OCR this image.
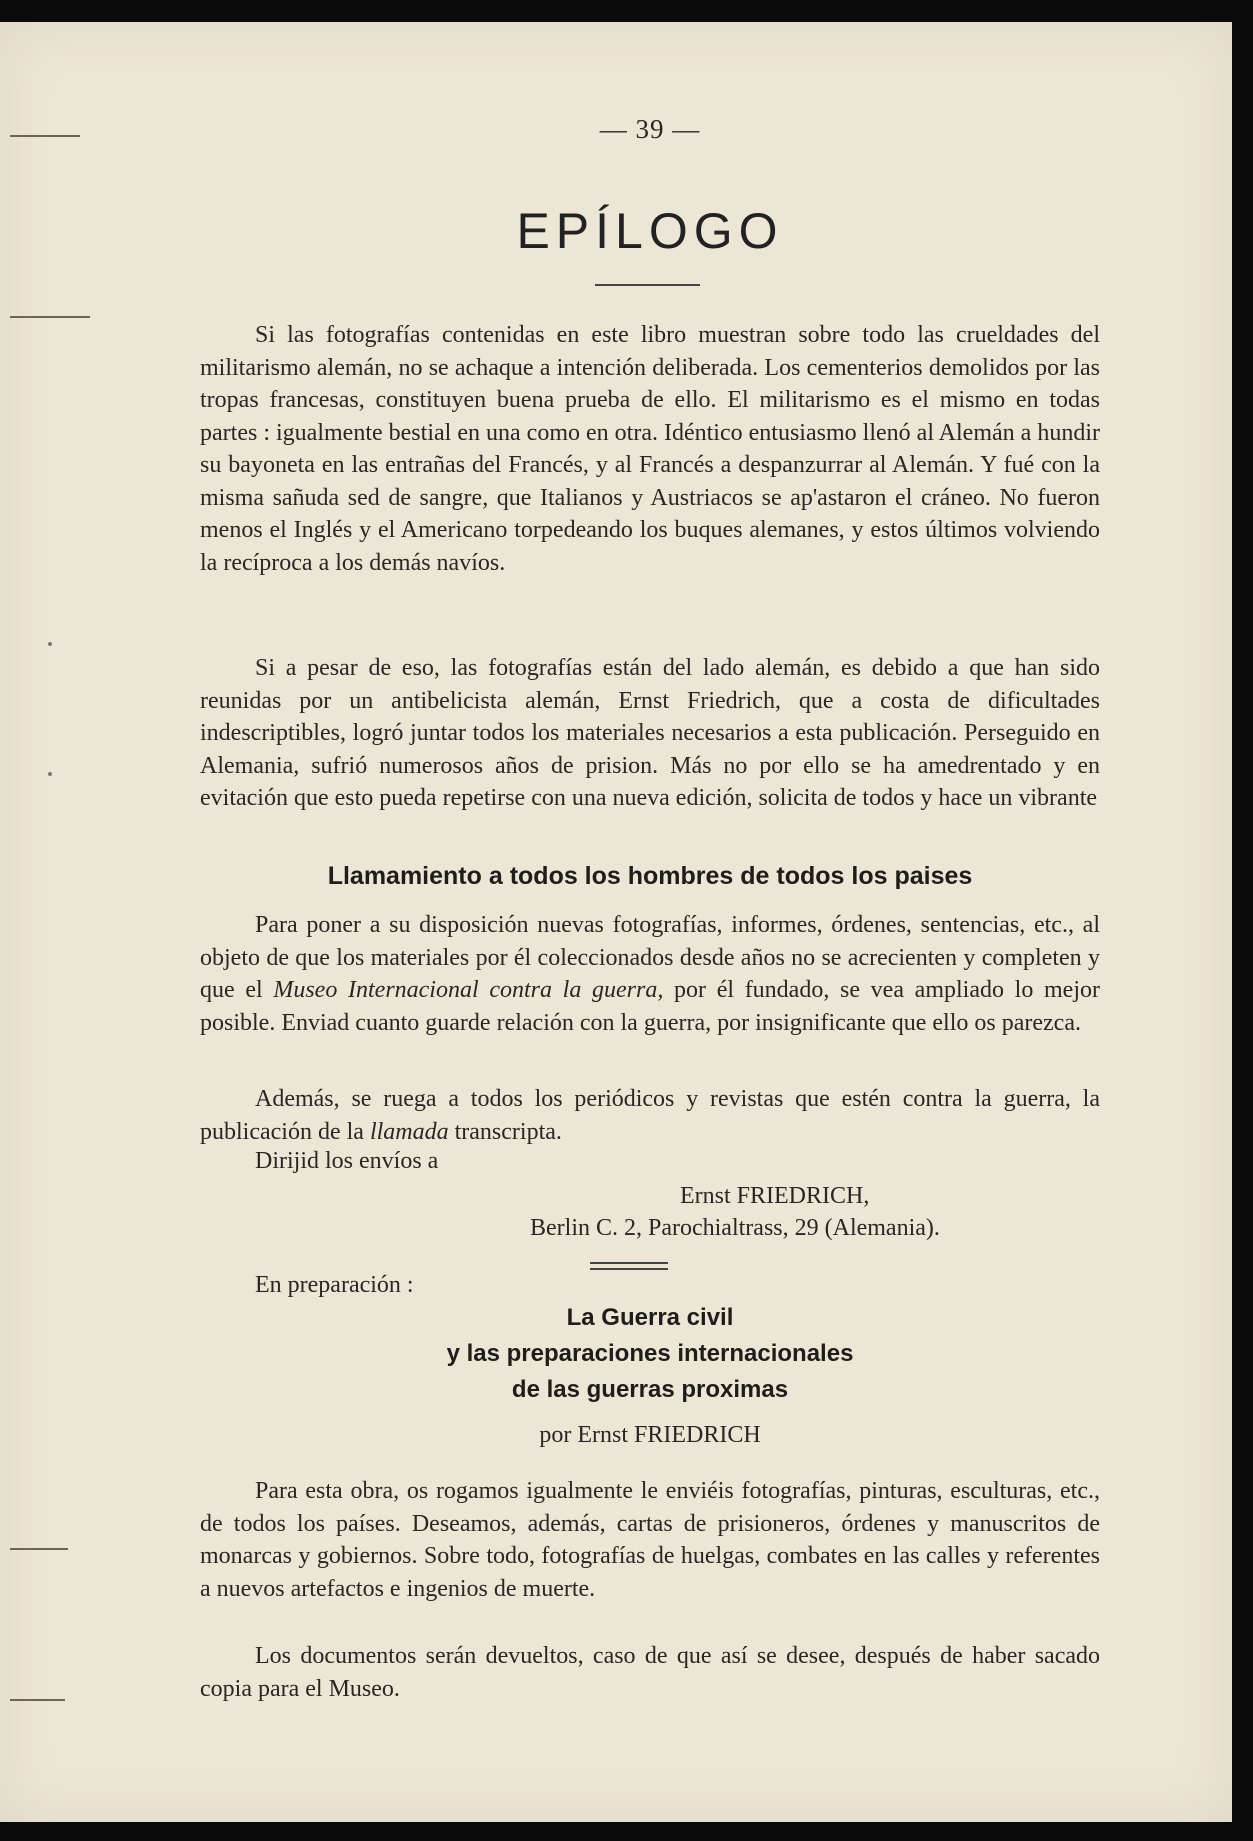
— 39 —
EPÍLOGO

Si las fotografías contenidas en este libro muestran sobre todo las crueldades del militarismo alemán, no se achaque a intención deliberada. Los cementerios demolidos por las tropas francesas, constituyen buena prueba de ello. El militarismo es el mismo en todas partes : igualmente bestial en una como en otra. Idéntico entusiasmo llenó al Alemán a hundir su bayoneta en las entrañas del Francés, y al Francés a despanzurrar al Alemán. Y fué con la misma sañuda sed de sangre, que Italianos y Austriacos se ap'astaron el cráneo. No fueron menos el Inglés y el Americano torpedeando los buques alemanes, y estos últimos volviendo la recíproca a los demás navíos.

Si a pesar de eso, las fotografías están del lado alemán, es debido a que han sido reunidas por un antibelicista alemán, Ernst Friedrich, que a costa de dificultades indescriptibles, logró juntar todos los materiales necesarios a esta publicación. Perseguido en Alemania, sufrió numerosos años de prision. Más no por ello se ha amedrentado y en evitación que esto pueda repetirse con una nueva edición, solicita de todos y hace un vibrante

Llamamiento a todos los hombres de todos los paises

Para poner a su disposición nuevas fotografías, informes, órdenes, sentencias, etc., al objeto de que los materiales por él coleccionados desde años no se acrecienten y completen y que el Museo Internacional contra la guerra, por él fundado, se vea ampliado lo mejor posible. Enviad cuanto guarde relación con la guerra, por insignificante que ello os parezca.

Además, se ruega a todos los periódicos y revistas que estén contra la guerra, la publicación de la llamada transcripta.

Dirijid los envíos a
Ernst FRIEDRICH,
Berlin C. 2, Parochialtrass, 29 (Alemania).
En preparación :
La Guerra civil
y las preparaciones internacionales
de las guerras proximas
por Ernst FRIEDRICH

Para esta obra, os rogamos igualmente le enviéis fotografías, pinturas, esculturas, etc., de todos los países. Deseamos, además, cartas de prisioneros, órdenes y manuscritos de monarcas y gobiernos. Sobre todo, fotografías de huelgas, combates en las calles y referentes a nuevos artefactos e ingenios de muerte.

Los documentos serán devueltos, caso de que así se desee, después de haber sacado copia para el Museo.
